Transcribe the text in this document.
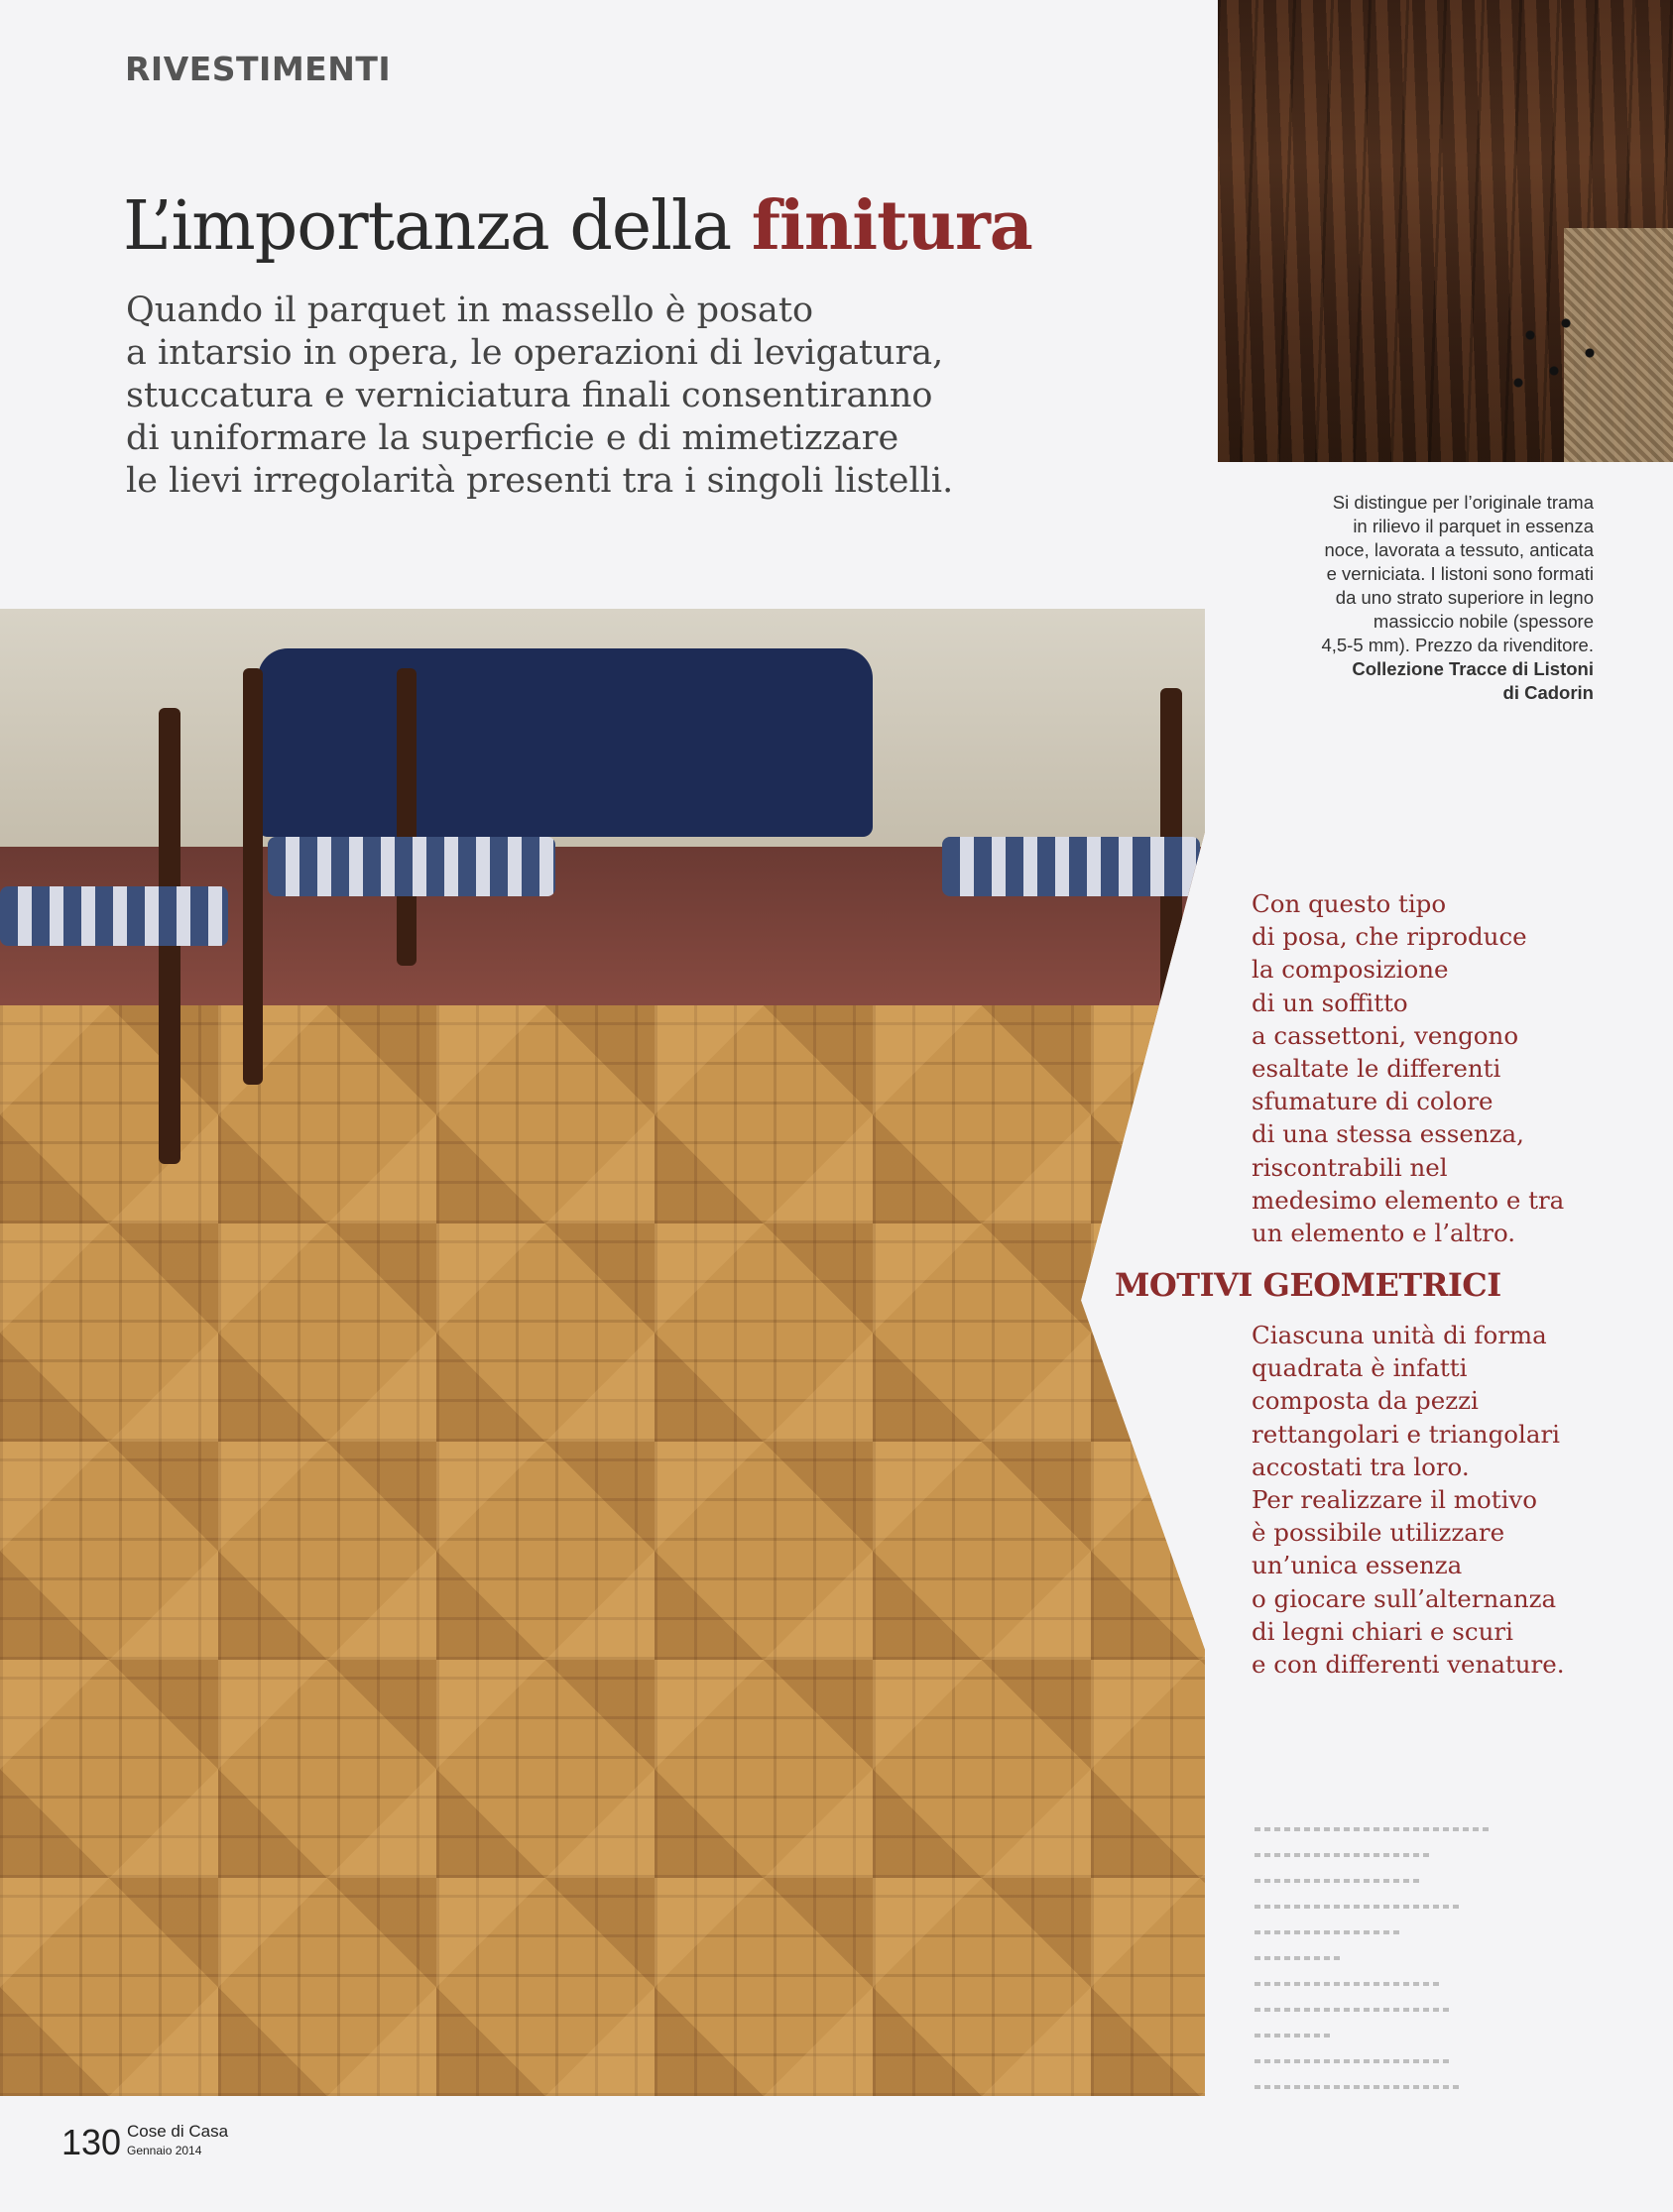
RIVESTIMENTI
L’importanza della finitura
Quando il parquet in massello è posato
a intarsio in opera, le operazioni di levigatura,
stuccatura e verniciatura finali consentiranno
di uniformare la superficie e di mimetizzare
le lievi irregolarità presenti tra i singoli listelli.
Si distingue per l’originale trama
in rilievo il parquet in essenza
noce, lavorata a tessuto, anticata
e verniciata. I listoni sono formati
da uno strato superiore in legno
massiccio nobile (spessore
4,5-5 mm). Prezzo da rivenditore.
Collezione Tracce di Listoni
di Cadorin
Con questo tipo
di posa, che riproduce
la composizione
di un soffitto
a cassettoni, vengono
esaltate le differenti
sfumature di colore
di una stessa essenza,
riscontrabili nel
medesimo elemento e tra
un elemento e l’altro.
MOTIVI GEOMETRICI
Ciascuna unità di forma
quadrata è infatti
composta da pezzi
rettangolari e triangolari
accostati tra loro.
Per realizzare il motivo
è possibile utilizzare
un’unica essenza
o giocare sull’alternanza
di legni chiari e scuri
e con differenti venature.
130 Cose di Casa
Gennaio 2014
